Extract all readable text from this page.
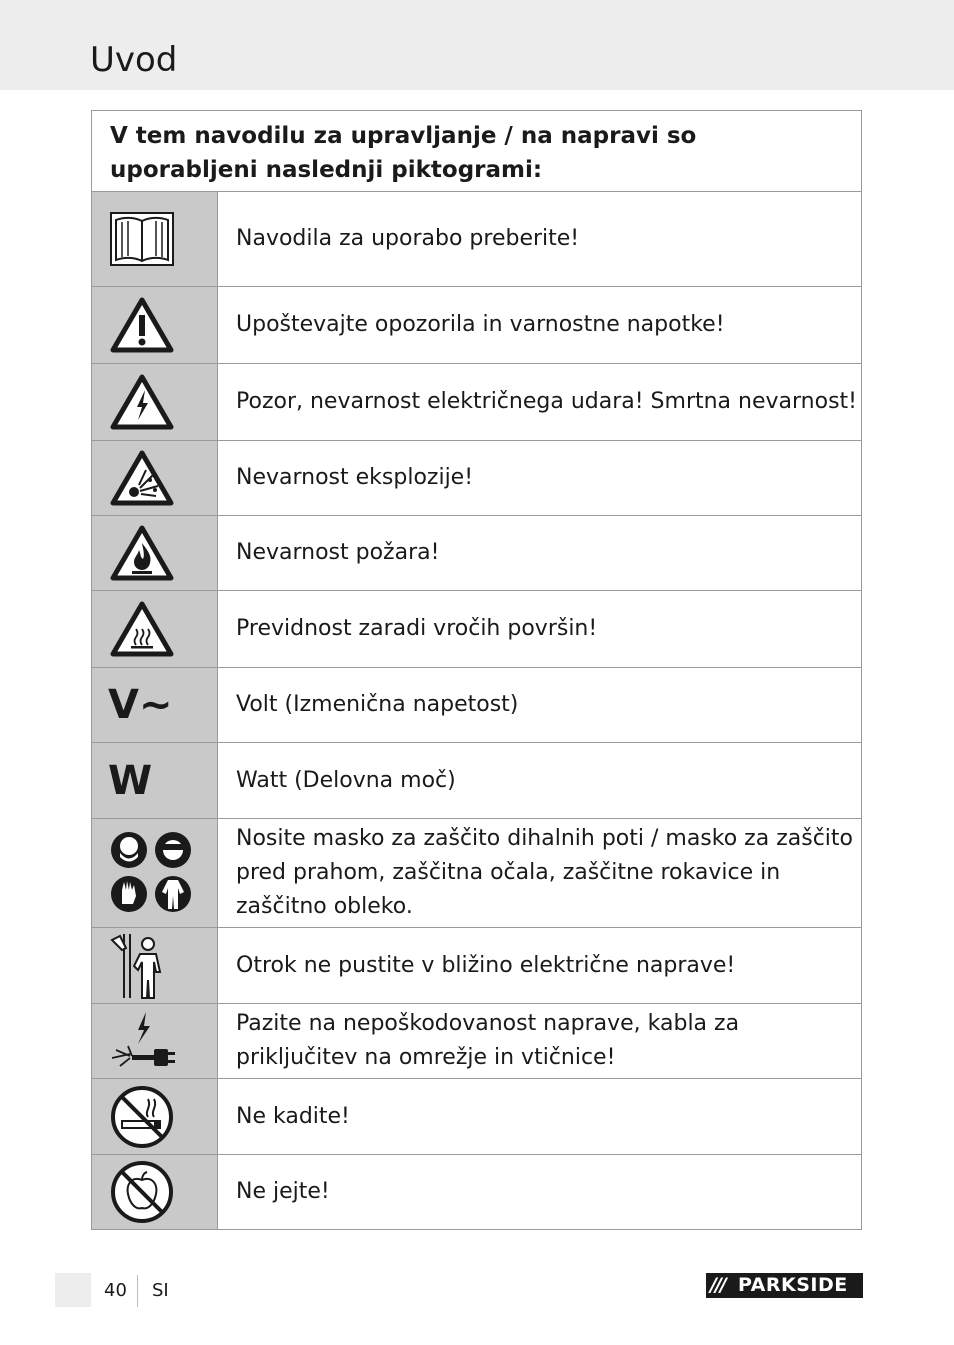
Uvod
V tem navodilu za upravljanje / na napravi so uporabljeni naslednji piktogrami:	

	Navodila za uporabo preberite!

	Upoštevajte opozorila in varnostne napotke!

	Pozor, nevarnost električnega udara! Smrtna nevarnost!

	Nevarnost eksplozije!

	Nevarnost požara!

	Previdnost zaradi vročih površin!

V~	Volt (Izmenična napetost)

W	Watt (Delovna moč)

	Nosite masko za zaščito dihalnih poti / masko za zaščito pred prahom, zaščitna očala, zaščitne rokavice in zaščitno obleko.

	Otrok ne pustite v bližino električne naprave!

	Pazite na nepoškodovanost naprave, kabla za priključitev na omrežje in vtičnice!

	Ne kadite!

	Ne jejte!
40 SI	/// PARKSIDE
